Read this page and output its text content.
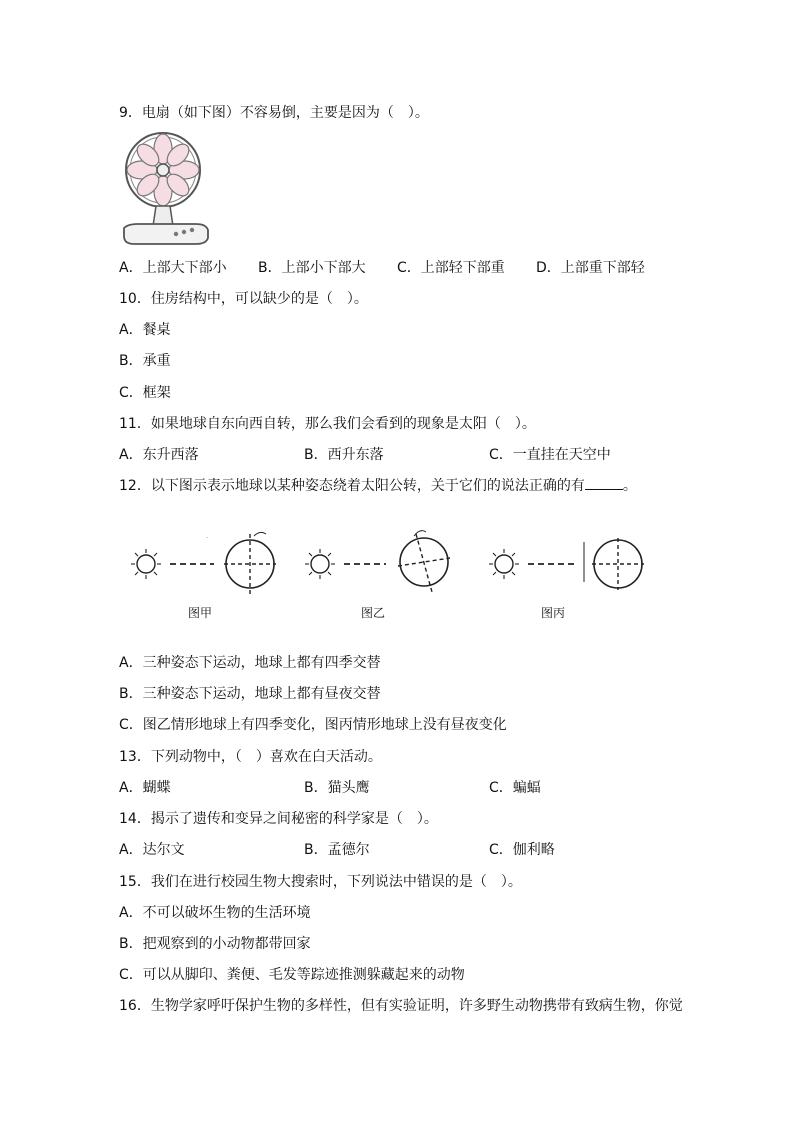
9．电扇（如下图）不容易倒，主要是因为（　）。
A．上部大下部小 B．上部小下部大 C．上部轻下部重 D．上部重下部轻
10．住房结构中，可以缺少的是（　）。
A．餐桌
B．承重
C．框架
11．如果地球自东向西自转，那么我们会看到的现象是太阳（　）。
A．东升西落	B．西升东落	C．一直挂在天空中
12．以下图示表示地球以某种姿态绕着太阳公转，关于它们的说法正确的有	。
·
图甲	图乙	图丙
A．三种姿态下运动，地球上都有四季交替
B．三种姿态下运动，地球上都有昼夜交替
C．图乙情形地球上有四季变化，图丙情形地球上没有昼夜变化
13．下列动物中，（　）喜欢在白天活动。
A．蝴蝶	B．猫头鹰	C．蝙蝠
14．揭示了遗传和变异之间秘密的科学家是（　）。
A．达尔文	B．孟德尔	C．伽利略
15．我们在进行校园生物大搜索时，下列说法中错误的是（　）。
A．不可以破坏生物的生活环境
B．把观察到的小动物都带回家
C．可以从脚印、粪便、毛发等踪迹推测躲藏起来的动物
16．生物学家呼吁保护生物的多样性，但有实验证明，许多野生动物携带有致病生物，你觉
